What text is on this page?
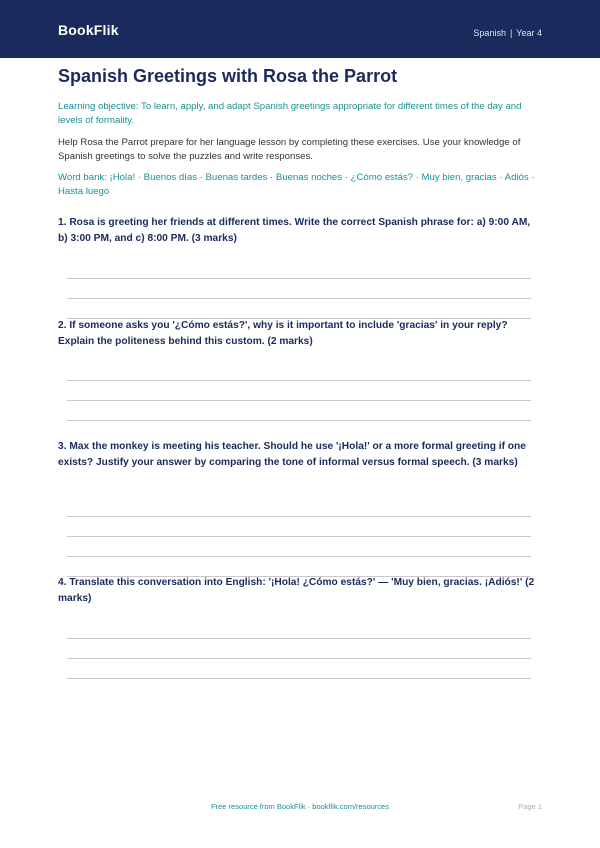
BookFlik	Spanish | Year 4
Spanish Greetings with Rosa the Parrot

Learning objective: To learn, apply, and adapt Spanish greetings appropriate for different times of the day and levels of formality.

Help Rosa the Parrot prepare for her language lesson by completing these exercises. Use your knowledge of Spanish greetings to solve the puzzles and write responses.

Word bank: ¡Hola! · Buenos días · Buenas tardes · Buenas noches · ¿Cómo estás? · Muy bien, gracias · Adiós · Hasta luego

1. Rosa is greeting her friends at different times. Write the correct Spanish phrase for: a) 9:00 AM, b) 3:00 PM, and c) 8:00 PM. (3 marks)

2. If someone asks you '¿Cómo estás?', why is it important to include 'gracias' in your reply? Explain the politeness behind this custom. (2 marks)

3. Max the monkey is meeting his teacher. Should he use '¡Hola!' or a more formal greeting if one exists? Justify your answer by comparing the tone of informal versus formal speech. (3 marks)

4. Translate this conversation into English: '¡Hola! ¿Cómo estás?' — 'Muy bien, gracias. ¡Adiós!' (2 marks)

Free resource from BookFlik · bookflik.com/resources	Page 1
